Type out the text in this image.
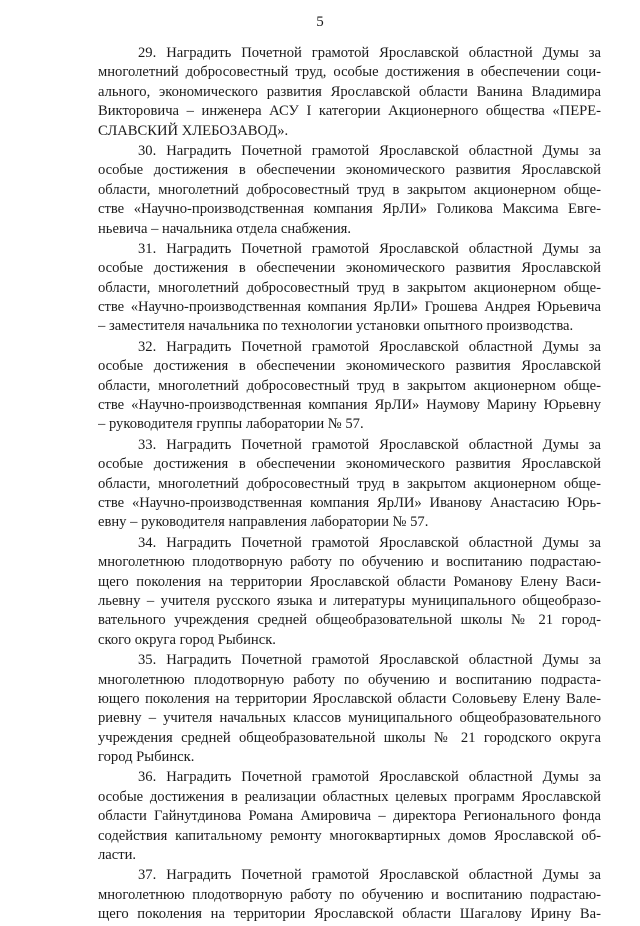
5
29. Наградить Почетной грамотой Ярославской областной Думы за
многолетний добросовестный труд, особые достижения в обеспечении соци-
ального, экономического развития Ярославской области Ванина Владимира
Викторовича – инженера АСУ I категории Акционерного общества «ПЕРЕ-
СЛАВСКИЙ ХЛЕБОЗАВОД».
30. Наградить Почетной грамотой Ярославской областной Думы за
особые достижения в обеспечении экономического развития Ярославской
области, многолетний добросовестный труд в закрытом акционерном обще-
стве «Научно-производственная компания ЯрЛИ» Голикова Максима Евге-
ньевича – начальника отдела снабжения.
31. Наградить Почетной грамотой Ярославской областной Думы за
особые достижения в обеспечении экономического развития Ярославской
области, многолетний добросовестный труд в закрытом акционерном обще-
стве «Научно-производственная компания ЯрЛИ» Грошева Андрея Юрьевича
– заместителя начальника по технологии установки опытного производства.
32. Наградить Почетной грамотой Ярославской областной Думы за
особые достижения в обеспечении экономического развития Ярославской
области, многолетний добросовестный труд в закрытом акционерном обще-
стве «Научно-производственная компания ЯрЛИ» Наумову Марину Юрьевну
– руководителя группы лаборатории № 57.
33. Наградить Почетной грамотой Ярославской областной Думы за
особые достижения в обеспечении экономического развития Ярославской
области, многолетний добросовестный труд в закрытом акционерном обще-
стве «Научно-производственная компания ЯрЛИ» Иванову Анастасию Юрь-
евну – руководителя направления лаборатории № 57.
34. Наградить Почетной грамотой Ярославской областной Думы за
многолетнюю плодотворную работу по обучению и воспитанию подрастаю-
щего поколения на территории Ярославской области Романову Елену Васи-
льевну – учителя русского языка и литературы муниципального общеобразо-
вательного учреждения средней общеобразовательной школы № 21 город-
ского округа город Рыбинск.
35. Наградить Почетной грамотой Ярославской областной Думы за
многолетнюю плодотворную работу по обучению и воспитанию подраста-
ющего поколения на территории Ярославской области Соловьеву Елену Вале-
риевну – учителя начальных классов муниципального общеобразовательного
учреждения средней общеобразовательной школы № 21 городского округа
город Рыбинск.
36. Наградить Почетной грамотой Ярославской областной Думы за
особые достижения в реализации областных целевых программ Ярославской
области Гайнутдинова Романа Амировича – директора Регионального фонда
содействия капитальному ремонту многоквартирных домов Ярославской об-
ласти.
37. Наградить Почетной грамотой Ярославской областной Думы за
многолетнюю плодотворную работу по обучению и воспитанию подрастаю-
щего поколения на территории Ярославской области Шагалову Ирину Ва-
